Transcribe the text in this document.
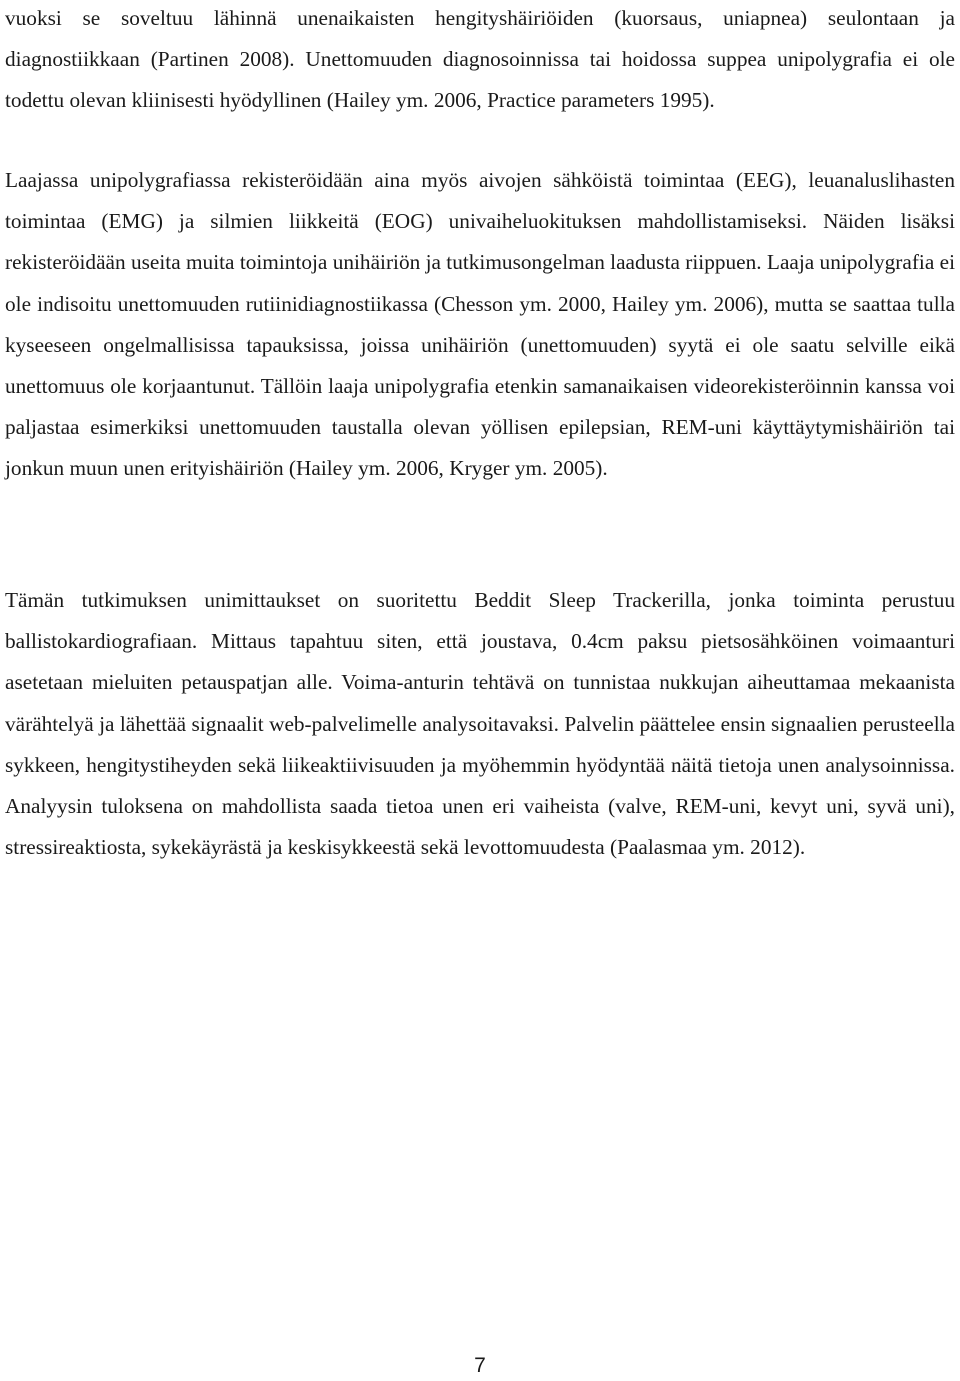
vuoksi se soveltuu lähinnä unenaikaisten hengityshäiriöiden (kuorsaus, uniapnea) seulontaan ja diagnostiikkaan (Partinen 2008). Unettomuuden diagnosoinnissa tai hoidossa suppea unipolygrafia ei ole todettu olevan kliinisesti hyödyllinen (Hailey ym. 2006, Practice parameters 1995).

Laajassa unipolygrafiassa rekisteröidään aina myös aivojen sähköistä toimintaa (EEG), leuanaluslihasten toimintaa (EMG) ja silmien liikkeitä (EOG) univaiheluokituksen mahdollistamiseksi. Näiden lisäksi rekisteröidään useita muita toimintoja unihäiriön ja tutkimusongelman laadusta riippuen. Laaja unipolygrafia ei ole indisoitu unettomuuden rutiinidiagnostiikassa (Chesson ym. 2000, Hailey ym. 2006), mutta se saattaa tulla kyseeseen ongelmallisissa tapauksissa, joissa unihäiriön (unettomuuden) syytä ei ole saatu selville eikä unettomuus ole korjaantunut. Tällöin laaja unipolygrafia etenkin samanaikaisen videorekisteröinnin kanssa voi paljastaa esimerkiksi unettomuuden taustalla olevan yöllisen epilepsian, REM-uni käyttäytymishäiriön tai jonkun muun unen erityishäiriön (Hailey ym. 2006, Kryger ym. 2005).

Tämän tutkimuksen unimittaukset on suoritettu Beddit Sleep Trackerilla, jonka toiminta perustuu ballistokardiografiaan. Mittaus tapahtuu siten, että joustava, 0.4cm paksu pietsosähköinen voimaanturi asetetaan mieluiten petauspatjan alle. Voima-anturin tehtävä on tunnistaa nukkujan aiheuttamaa mekaanista värähtelyä ja lähettää signaalit web-palvelimelle analysoitavaksi. Palvelin päättelee ensin signaalien perusteella sykkeen, hengitystiheyden sekä liikeaktiivisuuden ja myöhemmin hyödyntää näitä tietoja unen analysoinnissa. Analyysin tuloksena on mahdollista saada tietoa unen eri vaiheista (valve, REM-uni, kevyt uni, syvä uni), stressireaktiosta, sykekäyrästä ja keskisykkeestä sekä levottomuudesta (Paalasmaa ym. 2012).

7
